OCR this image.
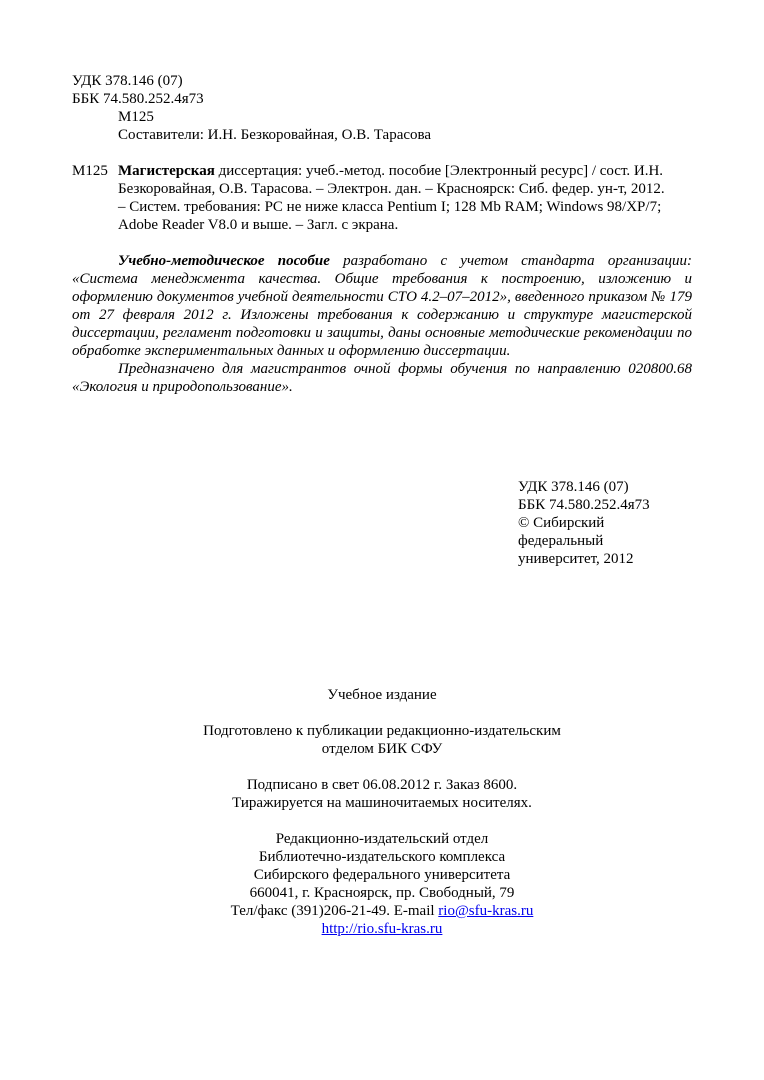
УДК 378.146 (07)
ББК 74.580.252.4я73
М125
Составители: И.Н. Безкоровайная, О.В. Тарасова
М125 Магистерская диссертация: учеб.-метод. пособие [Электронный ресурс] / сост. И.Н.
Безкоровайная, О.В. Тарасова. – Электрон. дан. – Красноярск: Сиб. федер. ун-т, 2012.
– Систем. требования: PC не ниже класса Pentium I; 128 Mb RAM; Windows 98/XP/7;
Adobe Reader V8.0 и выше. – Загл. с экрана.

Учебно-методическое пособие разработано с учетом стандарта организации: «Система менеджмента качества. Общие требования к построению, изложению и оформлению документов учебной деятельности СТО 4.2–07–2012», введенного приказом № 179 от 27 февраля 2012 г. Изложены требования к содержанию и структуре магистерской диссертации, регламент подготовки и защиты, даны основные методические рекомендации по обработке экспериментальных данных и оформлению диссертации.

Предназначено для магистрантов очной формы обучения по направлению 020800.68 «Экология и природопользование».

УДК 378.146 (07)
ББК 74.580.252.4я73
© Сибирский
федеральный
университет, 2012
Учебное издание
Подготовлено к публикации редакционно-издательским
отделом БИК СФУ
Подписано в свет 06.08.2012 г. Заказ 8600.
Тиражируется на машиночитаемых носителях.
Редакционно-издательский отдел
Библиотечно-издательского комплекса
Сибирского федерального университета
660041, г. Красноярск, пр. Свободный, 79
Тел/факс (391)206-21-49. E-mail rio@sfu-kras.ru
http://rio.sfu-kras.ru
